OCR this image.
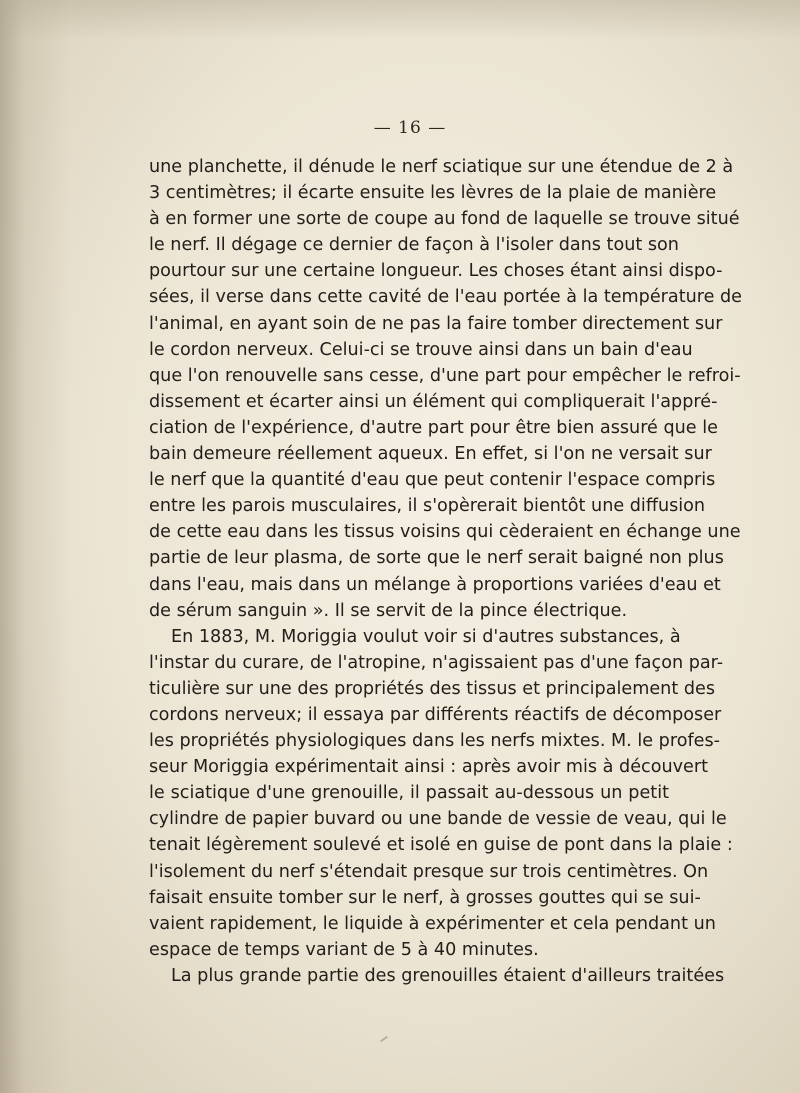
— 16 —
une planchette, il dénude le nerf sciatique sur une étendue de 2 à
3 centimètres; il écarte ensuite les lèvres de la plaie de manière
à en former une sorte de coupe au fond de laquelle se trouve situé
le nerf. Il dégage ce dernier de façon à l'isoler dans tout son
pourtour sur une certaine longueur. Les choses étant ainsi dispo-
sées, il verse dans cette cavité de l'eau portée à la température de
l'animal, en ayant soin de ne pas la faire tomber directement sur
le cordon nerveux. Celui-ci se trouve ainsi dans un bain d'eau
que l'on renouvelle sans cesse, d'une part pour empêcher le refroi-
dissement et écarter ainsi un élément qui compliquerait l'appré-
ciation de l'expérience, d'autre part pour être bien assuré que le
bain demeure réellement aqueux. En effet, si l'on ne versait sur
le nerf que la quantité d'eau que peut contenir l'espace compris
entre les parois musculaires, il s'opèrerait bientôt une diffusion
de cette eau dans les tissus voisins qui cèderaient en échange une
partie de leur plasma, de sorte que le nerf serait baigné non plus
dans l'eau, mais dans un mélange à proportions variées d'eau et
de sérum sanguin ». Il se servit de la pince électrique.
En 1883, M. Moriggia voulut voir si d'autres substances, à
l'instar du curare, de l'atropine, n'agissaient pas d'une façon par-
ticulière sur une des propriétés des tissus et principalement des
cordons nerveux; il essaya par différents réactifs de décomposer
les propriétés physiologiques dans les nerfs mixtes. M. le profes-
seur Moriggia expérimentait ainsi : après avoir mis à découvert
le sciatique d'une grenouille, il passait au-dessous un petit
cylindre de papier buvard ou une bande de vessie de veau, qui le
tenait légèrement soulevé et isolé en guise de pont dans la plaie :
l'isolement du nerf s'étendait presque sur trois centimètres. On
faisait ensuite tomber sur le nerf, à grosses gouttes qui se sui-
vaient rapidement, le liquide à expérimenter et cela pendant un
espace de temps variant de 5 à 40 minutes.
La plus grande partie des grenouilles étaient d'ailleurs traitées
